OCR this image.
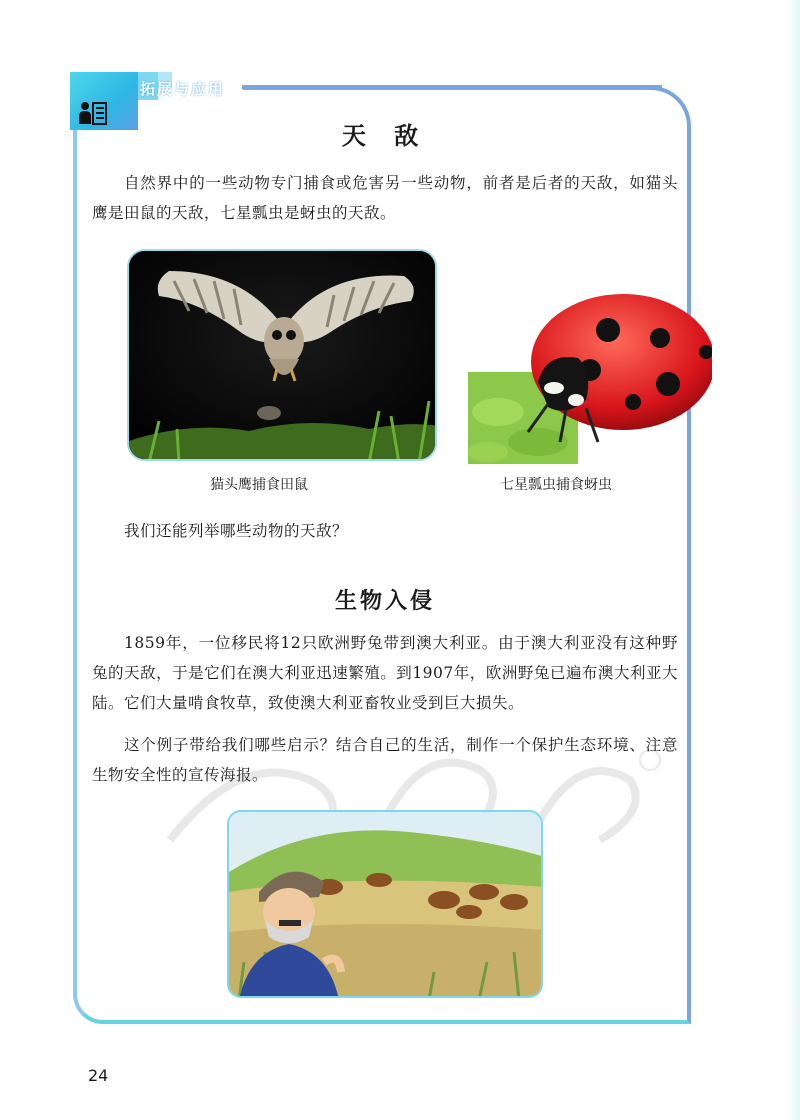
拓展与应用
天 敌
自然界中的一些动物专门捕食或危害另一些动物，前者是后者的天敌，如猫头鹰是田鼠的天敌，七星瓢虫是蚜虫的天敌。
猫头鹰捕食田鼠	七星瓢虫捕食蚜虫
我们还能列举哪些动物的天敌？
生物入侵
1859年，一位移民将12只欧洲野兔带到澳大利亚。由于澳大利亚没有这种野兔的天敌，于是它们在澳大利亚迅速繁殖。到1907年，欧洲野兔已遍布澳大利亚大陆。它们大量啃食牧草，致使澳大利亚畜牧业受到巨大损失。
这个例子带给我们哪些启示？结合自己的生活，制作一个保护生态环境、注意生物安全性的宣传海报。
24
